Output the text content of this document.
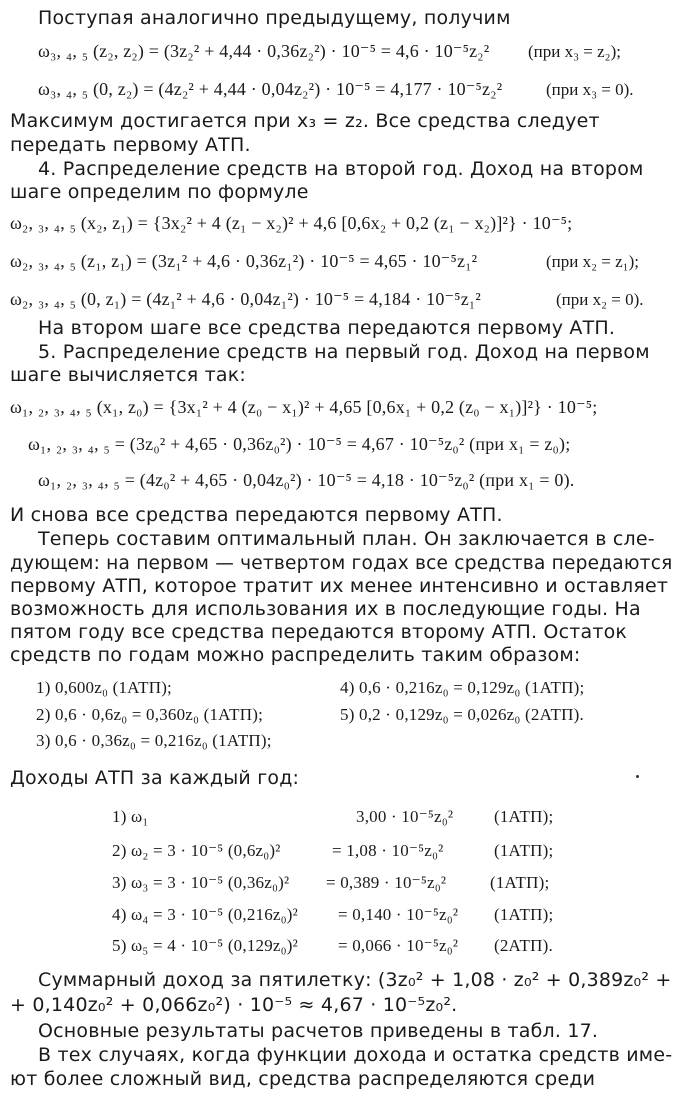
Поступая аналогично предыдущему, получим
ω₃, ₄, ₅ (z₂, z₂) = (3z₂² + 4,44 · 0,36z₂²) · 10⁻⁵ = 4,6 · 10⁻⁵z₂² (при x₃ = z₂);
ω₃, ₄, ₅ (0, z₂) = (4z₂² + 4,44 · 0,04z₂²) · 10⁻⁵ = 4,177 · 10⁻⁵z₂²	(при x₃ = 0).
Максимум достигается при x₃ = z₂. Все средства следует
передать первому АТП.
4. Распределение средств на второй год. Доход на втором
шаге определим по формуле
ω₂, ₃, ₄, ₅ (x₂, z₁) = {3x₂² + 4 (z₁ − x₂)² + 4,6 [0,6x₂ + 0,2 (z₁ − x₂)]²} · 10⁻⁵;
ω₂, ₃, ₄, ₅ (z₁, z₁) = (3z₁² + 4,6 · 0,36z₁²) · 10⁻⁵ = 4,65 · 10⁻⁵z₁²	(при x₂ = z₁);
ω₂, ₃, ₄, ₅ (0, z₁) = (4z₁² + 4,6 · 0,04z₁²) · 10⁻⁵ = 4,184 · 10⁻⁵z₁²	(при x₂ = 0).
На втором шаге все средства передаются первому АТП.
5. Распределение средств на первый год. Доход на первом
шаге вычисляется так:
ω₁, ₂, ₃, ₄, ₅ (x₁, z₀) = {3x₁² + 4 (z₀ − x₁)² + 4,65 [0,6x₁ + 0,2 (z₀ − x₁)]²} · 10⁻⁵;
ω₁, ₂, ₃, ₄, ₅ = (3z₀² + 4,65 · 0,36z₀²) · 10⁻⁵ = 4,67 · 10⁻⁵z₀² (при x₁ = z₀);
ω₁, ₂, ₃, ₄, ₅ = (4z₀² + 4,65 · 0,04z₀²) · 10⁻⁵ = 4,18 · 10⁻⁵z₀² (при x₁ = 0).
И снова все средства передаются первому АТП.
Теперь составим оптимальный план. Он заключается в сле-
дующем: на первом — четвертом годах все средства передаются
первому АТП, которое тратит их менее интенсивно и оставляет
возможность для использования их в последующие годы. На
пятом году все средства передаются второму АТП. Остаток
средств по годам можно распределить таким образом:
1) 0,600z₀ (1АТП);
2) 0,6 · 0,6z₀ = 0,360z₀ (1АТП);
3) 0,6 · 0,36z₀ = 0,216z₀ (1АТП);
4) 0,6 · 0,216z₀ = 0,129z₀ (1АТП);
5) 0,2 · 0,129z₀ = 0,026z₀ (2АТП).
Доходы АТП за каждый год:
1) ω₁	3,00 · 10⁻⁵z₀² (1АТП);
2) ω₂ = 3 · 10⁻⁵ (0,6z₀)²	= 1,08 · 10⁻⁵z₀²	(1АТП);
3) ω₃ = 3 · 10⁻⁵ (0,36z₀)² = 0,389 · 10⁻⁵z₀²	(1АТП);
4) ω₄ = 3 · 10⁻⁵ (0,216z₀)² = 0,140 · 10⁻⁵z₀² (1АТП);
5) ω₅ = 4 · 10⁻⁵ (0,129z₀)² = 0,066 · 10⁻⁵z₀² (2АТП).
Суммарный доход за пятилетку: (3z₀² + 1,08 · z₀² + 0,389z₀² +
+ 0,140z₀² + 0,066z₀²) · 10⁻⁵ ≈ 4,67 · 10⁻⁵z₀².
Основные результаты расчетов приведены в табл. 17.
В тех случаях, когда функции дохода и остатка средств име-
ют более сложный вид, средства распределяются среди
